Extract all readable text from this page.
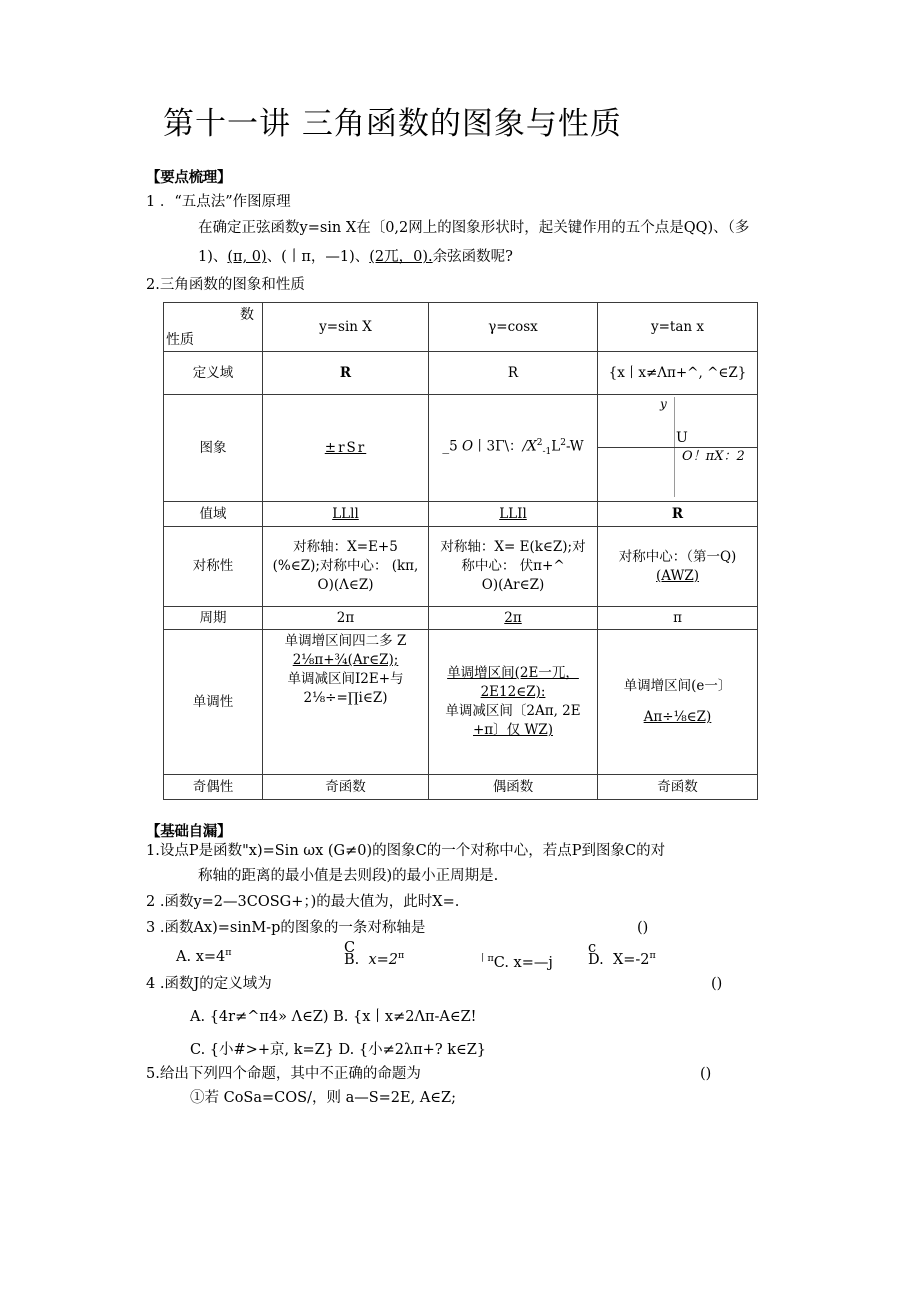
第十一讲 三角函数的图象与性质
【要点梳理】
1 ．“五点法”作图原理
在确定正弦函数y=sin X在〔0,2网上的图象形状时，起关键作用的五个点是QQ)、（多
1)、(π, 0)、(丨π，—1)、(2兀，0).余弦函数呢?
2.三角函数的图象和性质
数
性质	y=sin X	γ=cosx	y=tan x
定义域	R	R	{x丨x≠Λπ+^, ^∈Z}
图象	±rSr	_5 O丨3Γ\：$/X^2_{-1}L^2-W$	y
U
O！πX：2

值域	LLll	LLIl	R
对称性	对称轴：X=E+5
(%∈Z);对称中心： (kπ,
O)(Λ∈Z)	对称轴：X= E(k∈Z);对
称中心： 伏π+^
O)(Ar∈Z)	对称中心：（第一Q)
(AWZ)

周期	2π	2π	π
单调性	单调增区间四二多 Z
2⅛π+¾(Ar∈Z);
单调减区间I2E+与
2⅛÷=∏i∈Z)	单调增区间(2E一兀，
2E12∈Z):
单调减区间〔2Aπ, 2E
+π〕仅 WZ)	单调增区间(e一〕
Aπ÷⅛∈Z)

奇偶性	奇函数	偶函数	奇函数
【基础自漏】
1.设点P是函数"x)=Sin ωx (G≠0)的图象C的一个对称中心，若点P到图象C的对
称轴的距离的最小值是去则段)的最小正周期是.
2 .函数y=2—3COSG+；)的最大值为，此时X=.
3 .函数Ax)=sinM-p的图象的一条对称轴是	()
A. $x=4^\pi$	C
B. $x=2^\pi$	$^{丨\pi}$C. x=—j
c
D. $X=-2^\pi$
4 .函数J的定义域为	()
A. {4r≠^π4» Λ∈Z) B. {x丨x≠2Λπ-A∈Z!
C. {小#>+京, k=Z} D. {小≠2λπ+? k∈Z}
5.给出下列四个命题，其中不正确的命题为	()
①若 CoSa=COS/，则 a—S=2E, A∈Z;
